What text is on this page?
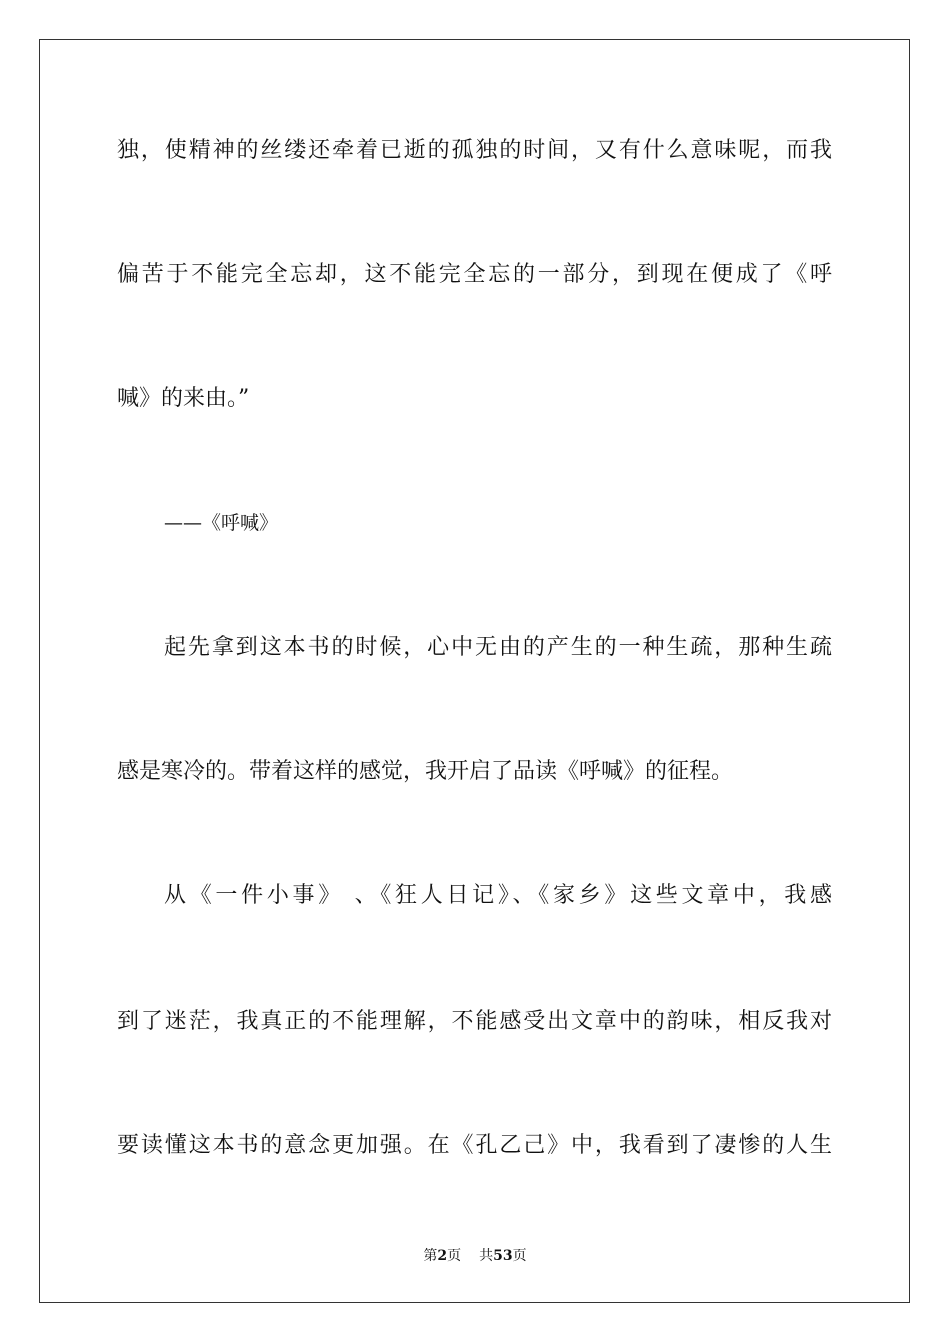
独，使精神的丝缕还牵着已逝的孤独的时间，又有什么意味呢，而我
偏苦于不能完全忘却，这不能完全忘的一部分，到现在便成了《呼
喊》的来由。”
——《呼喊》
起先拿到这本书的时候，心中无由的产生的一种生疏，那种生疏
感是寒冷的。带着这样的感觉，我开启了品读《呼喊》的征程。
从《一件小事》 、《狂人日记》、《家乡》这些文章中，我感
到了迷茫，我真正的不能理解，不能感受出文章中的韵味，相反我对
要读懂这本书的意念更加强。在《孔乙己》中，我看到了凄惨的人生
第2页 共53页
